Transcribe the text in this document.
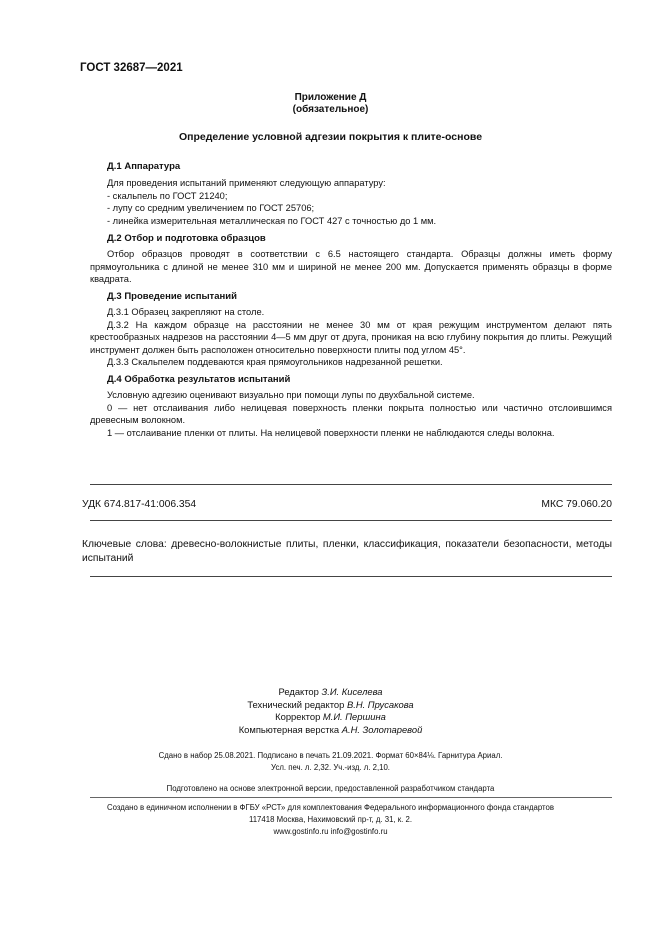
ГОСТ 32687—2021
Приложение Д
(обязательное)
Определение условной адгезии покрытия к плите-основе
Д.1 Аппаратура
Для проведения испытаний применяют следующую аппаратуру:
- скальпель по ГОСТ 21240;
- лупу со средним увеличением по ГОСТ 25706;
- линейка измерительная металлическая по ГОСТ 427 с точностью до 1 мм.
Д.2 Отбор и подготовка образцов
Отбор образцов проводят в соответствии с 6.5 настоящего стандарта. Образцы должны иметь форму прямоугольника с длиной не менее 310 мм и шириной не менее 200 мм. Допускается применять образцы в форме квадрата.
Д.3 Проведение испытаний
Д.3.1 Образец закрепляют на столе.
Д.3.2 На каждом образце на расстоянии не менее 30 мм от края режущим инструментом делают пять крестообразных надрезов на расстоянии 4—5 мм друг от друга, проникая на всю глубину покрытия до плиты. Режущий инструмент должен быть расположен относительно поверхности плиты под углом 45°.
Д.3.3 Скальпелем поддеваются края прямоугольников надрезанной решетки.
Д.4 Обработка результатов испытаний
Условную адгезию оценивают визуально при помощи лупы по двухбальной системе.
0 — нет отслаивания либо нелицевая поверхность пленки покрыта полностью или частично отслоившимся древесным волокном.
1 — отслаивание пленки от плиты. На нелицевой поверхности пленки не наблюдаются следы волокна.
УДК 674.817-41:006.354	МКС 79.060.20
Ключевые слова: древесно-волокнистые плиты, пленки, классификация, показатели безопасности, методы испытаний
Редактор З.И. Киселева
Технический редактор В.Н. Прусакова
Корректор М.И. Першина
Компьютерная верстка А.Н. Золотаревой
Сдано в набор 25.08.2021. Подписано в печать 21.09.2021. Формат 60×84⅛. Гарнитура Ариал.
Усл. печ. л. 2,32. Уч.-изд. л. 2,10.
Подготовлено на основе электронной версии, предоставленной разработчиком стандарта
Создано в единичном исполнении в ФГБУ «РСТ» для комплектования Федерального информационного фонда стандартов
117418 Москва, Нахимовский пр-т, д. 31, к. 2.
www.gostinfo.ru info@gostinfo.ru
